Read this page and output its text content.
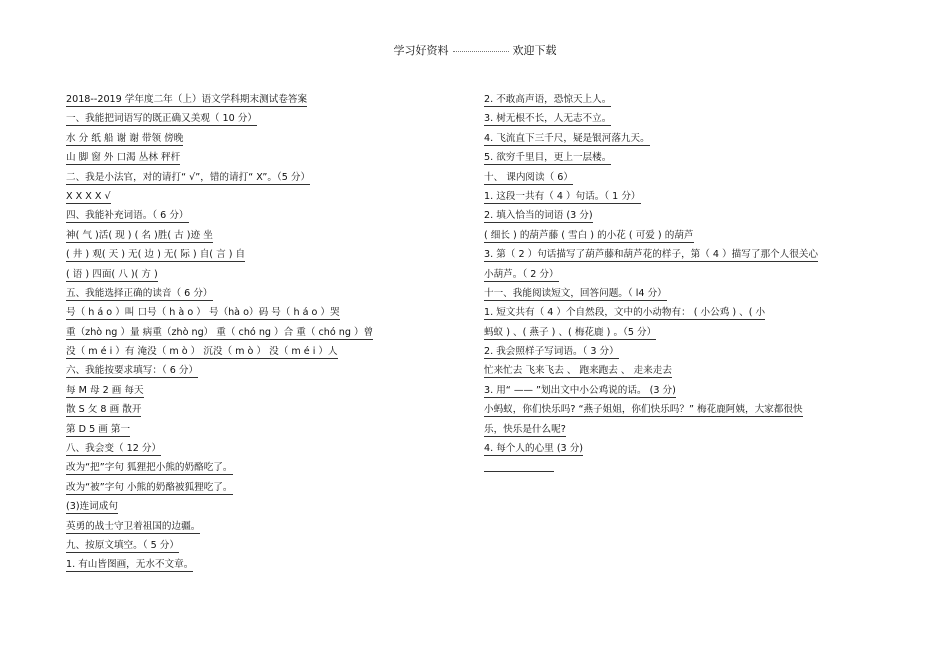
学习好资料	欢迎下载
2018--2019 学年度二年（上）语文学科期末测试卷答案
一、我能把词语写的既正确又美观（ 10 分）
水 分 纸 船 谢 谢 带领 傍晚
山 脚 窗 外 口渴 丛林 秤杆
二、我是小法官，对的请打“ √”，错的请打“ X”。（5 分）
X X X X √
四、我能补充词语。（ 6 分）
神( 气 )活( 现 ) ( 名 )胜( 古 )迹 坐
( 井 ) 观( 天 ) 无( 边 ) 无( 际 ) 自( 言 ) 自
( 语 ) 四面( 八 )( 方 )
五、我能选择正确的读音（ 6 分）
号（ h á o ）叫 口号（ h à o ） 号（hà o）码 号（ h á o ）哭
重（zhò ng ）量 病重（zhò ng） 重（ chó ng ）合 重（ chó ng ）曾
没（ m é i ）有 淹没（ m ò ） 沉没（ m ò ） 没（ m é i ）人
六、我能按要求填写：（ 6 分）
每 M 母 2 画 每天
散 S 攵 8 画 散开
第 D 5 画 第一
八、我会变（ 12 分）
改为“把”字句 狐狸把小熊的奶酪吃了。
改为“被”字句 小熊的奶酪被狐狸吃了。
(3)连词成句
英勇的战士守卫着祖国的边疆。
九、按原文填空。（ 5 分）
1. 有山皆图画，无水不文章。
2. 不敢高声语，恐惊天上人。
3. 树无根不长，人无志不立。
4. 飞流直下三千尺，疑是银河落九天。
5. 欲穷千里目，更上一层楼。
十、 课内阅读（ 6）
1. 这段一共有（ 4 ）句话。（ 1 分）
2. 填入恰当的词语 (3 分)
( 细长 ) 的葫芦藤 ( 雪白 ) 的小花 ( 可爱 ) 的葫芦
3. 第（ 2 ）句话描写了葫芦藤和葫芦花的样子，第（ 4 ）描写了那个人很关心
小葫芦。（ 2 分）
十一、我能阅读短文，回答问题。（ l4 分）
1. 短文共有（ 4 ）个自然段，文中的小动物有： ( 小公鸡 ) 、( 小
蚂蚁 ) 、( 燕子 ) 、( 梅花鹿 ) 。（5 分）
2. 我会照样子写词语。（ 3 分）
忙来忙去 飞来飞去 、 跑来跑去 、 走来走去
3. 用“ —— ”划出文中小公鸡说的话。 (3 分)
小蚂蚁，你们快乐吗? “燕子姐姐，你们快乐吗？” 梅花鹿阿姨，大家都很快
乐，快乐是什么呢?
4. 每个人的心里 (3 分)
